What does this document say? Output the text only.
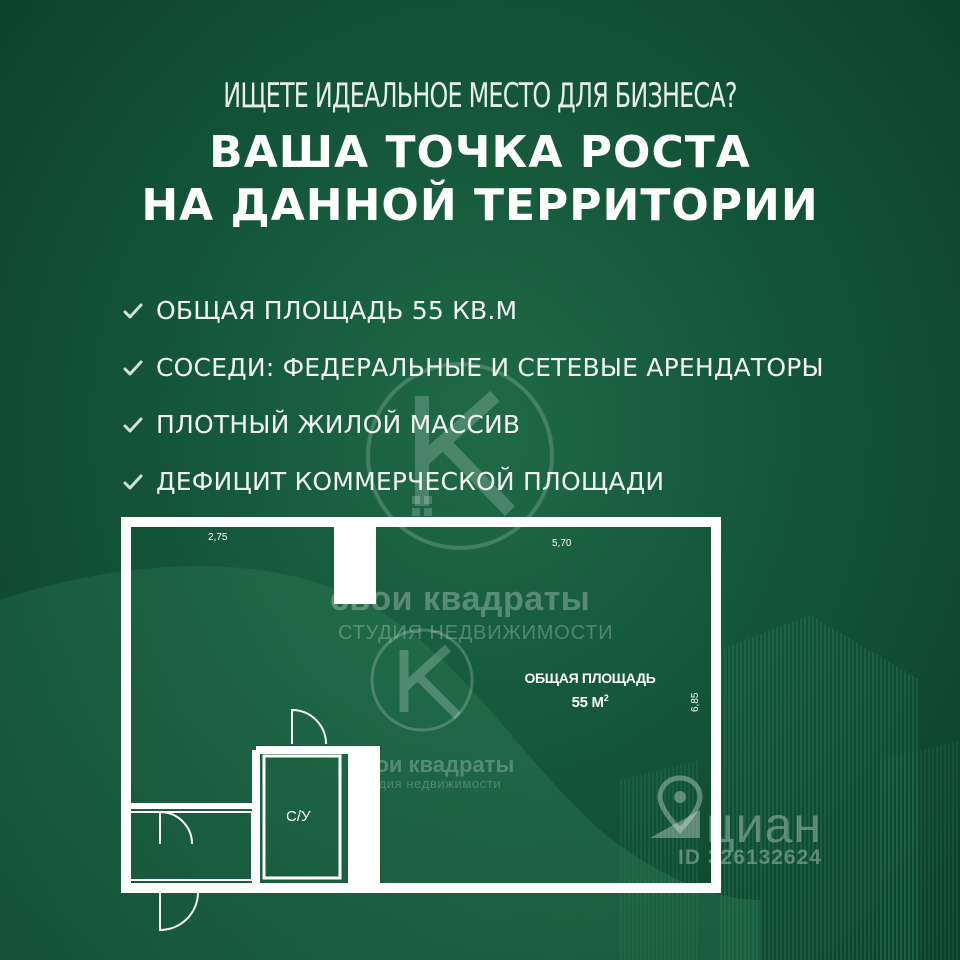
ИЩЕТЕ ИДЕАЛЬНОЕ МЕСТО ДЛЯ БИЗНЕСА?
ВАША ТОЧКА РОСТА
НА ДАННОЙ ТЕРРИТОРИИ
ОБЩАЯ ПЛОЩАДЬ 55 КВ.М
СОСЕДИ: ФЕДЕРАЛЬНЫЕ И СЕТЕВЫЕ АРЕНДАТОРЫ
ПЛОТНЫЙ ЖИЛОЙ МАССИВ
ДЕФИЦИТ КОММЕРЧЕСКОЙ ПЛОЩАДИ
свои квадраты
СТУДИЯ НЕДВИЖИМОСТИ
свои квадраты
студия недвижимости
2,75
5,70
6,85
ОБЩАЯ ПЛОЩАДЬ
55 $М^2$
С/У	циан
ID 326132624
